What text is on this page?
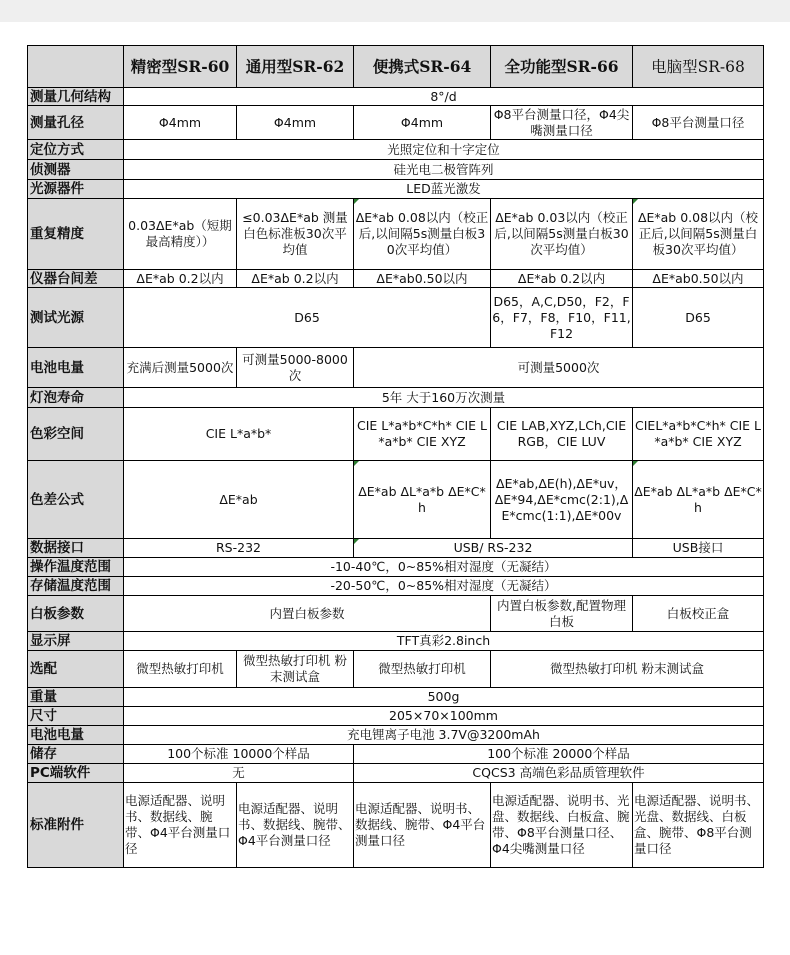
	精密型SR-60	通用型SR-62	便携式SR-64	全功能型SR-66	电脑型SR-68
测量几何结构	8°/d				
测量孔径	Φ4mm	Φ4mm	Φ4mm	Φ8平台测量口径，Φ4尖嘴测量口径	Φ8平台测量口径
定位方式	光照定位和十字定位				
侦测器	硅光电二极管阵列				
光源器件	LED蓝光激发				
重复精度	0.03ΔE*ab（短期最高精度））	≤0.03ΔE*ab 测量白色标准板30次平均值	ΔE*ab 0.08以内（校正后,以间隔5s测量白板30次平均值）	ΔE*ab 0.03以内（校正后,以间隔5s测量白板30次平均值）	ΔE*ab 0.08以内（校正后,以间隔5s测量白板30次平均值）
仪器台间差	ΔE*ab 0.2以内	ΔE*ab 0.2以内	ΔE*ab0.50以内	ΔE*ab 0.2以内	ΔE*ab0.50以内
测试光源	D65			D65，A,C,D50，F2，F6，F7，F8，F10，F11,F12	D65
电池电量	充满后测量5000次	可测量5000-8000次	可测量5000次		
灯泡寿命	5年 大于160万次测量				
色彩空间	CIE L*a*b*		CIE L*a*b*C*h* CIE L*a*b* CIE XYZ	CIE LAB,XYZ,LCh,CIE RGB，CIE LUV	CIEL*a*b*C*h* CIE L*a*b* CIE XYZ
色差公式	ΔE*ab		ΔE*ab ΔL*a*b ΔE*C*h	ΔE*ab,ΔE(h),ΔE*uv，ΔE*94,ΔE*cmc(2:1),ΔE*cmc(1:1),ΔE*00v	ΔE*ab ΔL*a*b ΔE*C*h
数据接口	RS-232		USB/ RS-232		USB接口
操作温度范围	-10-40℃，0~85%相对湿度（无凝结）				
存储温度范围	-20-50℃，0~85%相对湿度（无凝结）				
白板参数	内置白板参数			内置白板参数,配置物理白板	白板校正盒
显示屏	TFT真彩2.8inch				
选配	微型热敏打印机	微型热敏打印机 粉末测试盒	微型热敏打印机	微型热敏打印机 粉末测试盒	
重量	500g				
尺寸	205×70×100mm				
电池电量	充电锂离子电池 3.7V@3200mAh				
储存	100个标准 10000个样品		100个标准 20000个样品		
PC端软件	无		CQCS3 高端色彩品质管理软件		
标准附件	电源适配器、说明书、数据线、腕带、Φ4平台测量口径	电源适配器、说明书、数据线、腕带、Φ4平台测量口径	电源适配器、说明书、数据线、腕带、Φ4平台测量口径	电源适配器、说明书、光盘、数据线、白板盒、腕带、Φ8平台测量口径、Φ4尖嘴测量口径	电源适配器、说明书、光盘、数据线、白板盒、腕带、Φ8平台测量口径
